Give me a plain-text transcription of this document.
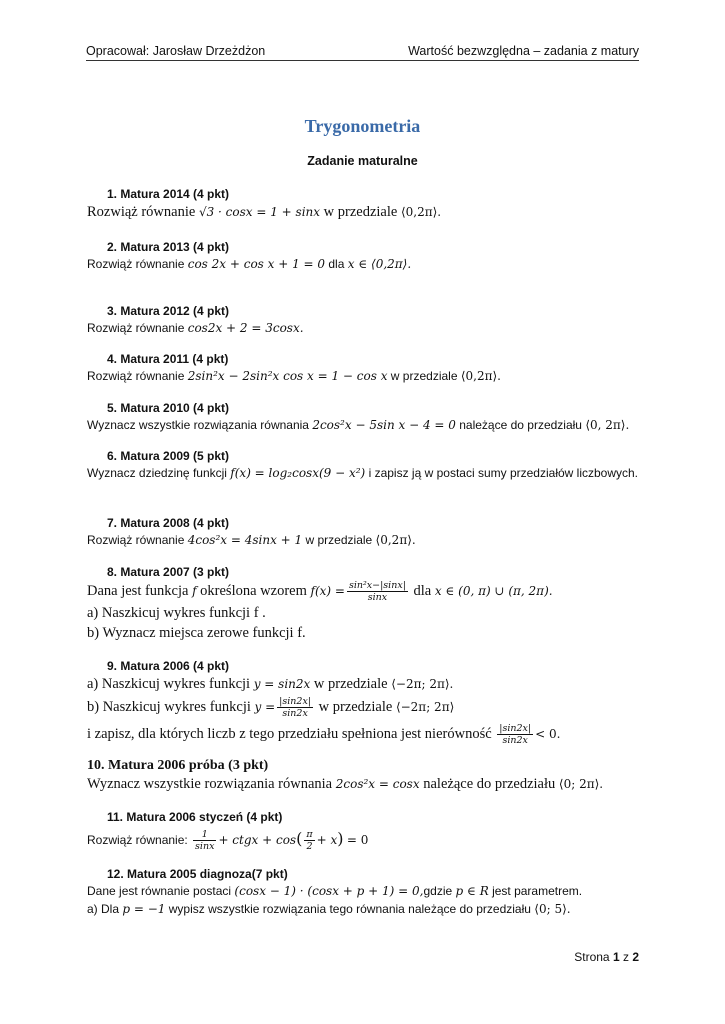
Opracował: Jarosław Drzeżdżon	Wartość bezwzględna – zadania z matury
Trygonometria
Zadanie maturalne
1. Matura 2014 (4 pkt)
Rozwiąż równanie √3 · cosx = 1 + sinx w przedziale ⟨0,2π⟩.
2. Matura 2013 (4 pkt)
Rozwiąż równanie cos 2x + cos x + 1 = 0 dla x ∈ ⟨0,2π⟩.
3. Matura 2012 (4 pkt)
Rozwiąż równanie cos2x + 2 = 3cosx.
4. Matura 2011 (4 pkt)
Rozwiąż równanie 2sin²x − 2sin²x cos x = 1 − cos x w przedziale ⟨0,2π⟩.
5. Matura 2010 (4 pkt)
Wyznacz wszystkie rozwiązania równania 2cos²x − 5sin x − 4 = 0 należące do przedziału ⟨0, 2π⟩.
6. Matura 2009 (5 pkt)
Wyznacz dziedzinę funkcji f(x) = log₂cosx(9 − x²) i zapisz ją w postaci sumy przedziałów liczbowych.
7. Matura 2008 (4 pkt)
Rozwiąż równanie 4cos²x = 4sinx + 1 w przedziale ⟨0,2π⟩.
8. Matura 2007 (3 pkt)
Dana jest funkcja f określona wzorem $f(x) = \frac{\text{sin²x−|sinx|}}{\sin x}$ dla x ∈ (0, π) ∪ (π, 2π).
a) Naszkicuj wykres funkcji f .
b) Wyznacz miejsca zerowe funkcji f.
9. Matura 2006 (4 pkt)
a) Naszkicuj wykres funkcji y = sin2x w przedziale ⟨−2π; 2π⟩.
b) Naszkicuj wykres funkcji $y = \frac{|\sin 2x|}{\sin 2x}$ w przedziale ⟨−2π; 2π⟩
i zapisz, dla których liczb z tego przedziału spełniona jest nierówność $\frac{|\sin 2x|}{\sin 2x} < 0$.
10. Matura 2006 próba (3 pkt)
Wyznacz wszystkie rozwiązania równania 2cos²x = cosx należące do przedziału ⟨0; 2π⟩.
11. Matura 2006 styczeń (4 pkt)
Rozwiąż równanie: $\frac{1}{\sin x}$ + ctgx + $\cos( \frac{\pi}{2} + x) = 0$
12. Matura 2005 diagnoza(7 pkt)
Dane jest równanie postaci (cosx − 1) · (cosx + p + 1) = 0,gdzie p ∈ R jest parametrem.
a) Dla p = −1 wypisz wszystkie rozwiązania tego równania należące do przedziału ⟨0; 5⟩.
Strona 1 z 2
